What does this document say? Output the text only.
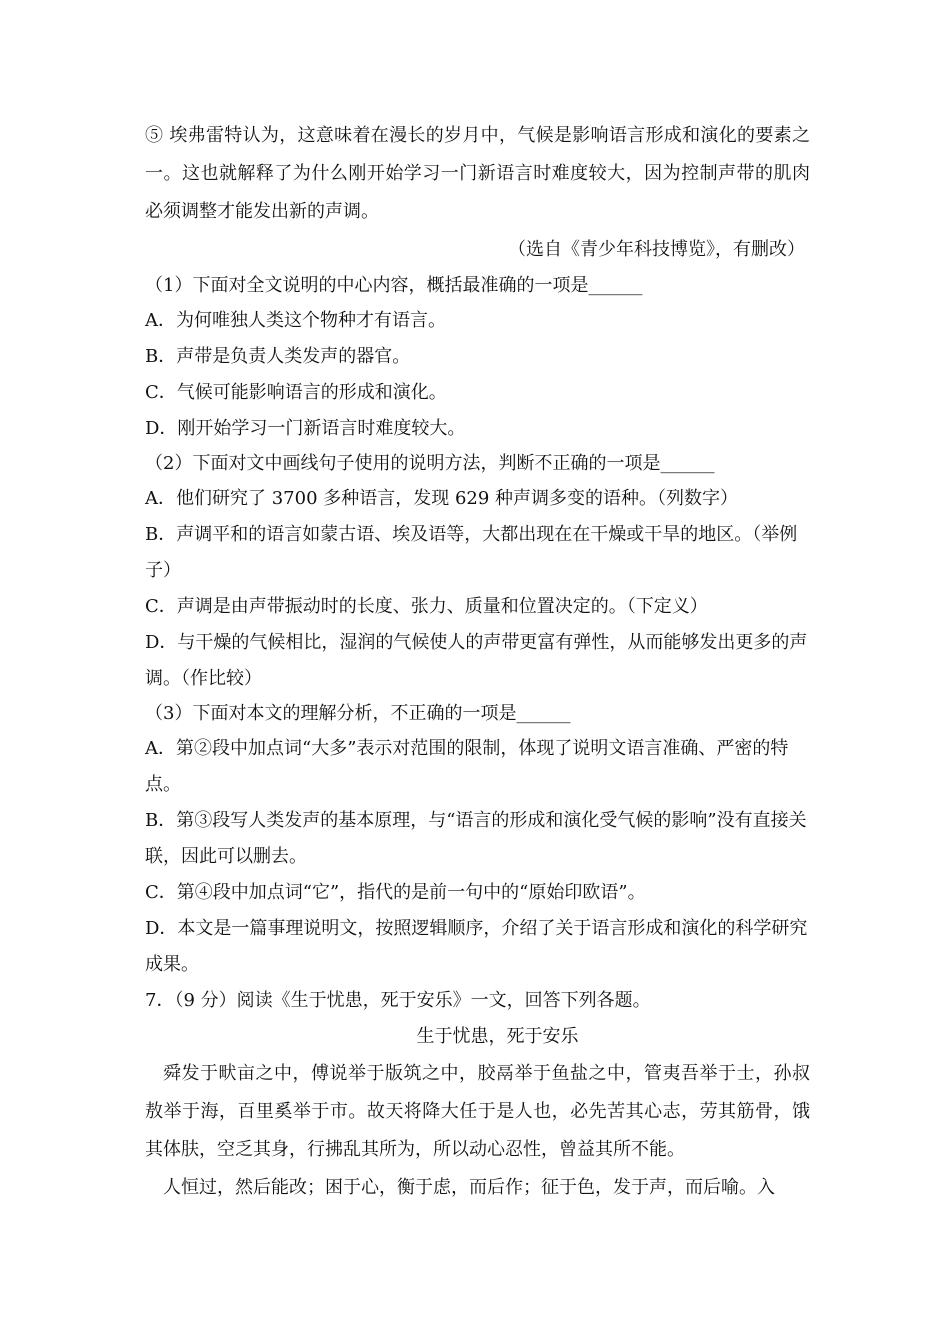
⑤ 埃弗雷特认为，这意味着在漫长的岁月中，气候是影响语言形成和演化的要素之一。这也就解释了为什么刚开始学习一门新语言时难度较大，因为控制声带的肌肉必须调整才能发出新的声调。

（选自《青少年科技博览》，有删改）

（1）下面对全文说明的中心内容，概括最准确的一项是______

A．为何唯独人类这个物种才有语言。

B．声带是负责人类发声的器官。

C．气候可能影响语言的形成和演化。

D．刚开始学习一门新语言时难度较大。

（2）下面对文中画线句子使用的说明方法，判断不正确的一项是______

A．他们研究了 3700 多种语言，发现 629 种声调多变的语种。（列数字）

B．声调平和的语言如蒙古语、埃及语等，大都出现在在干燥或干旱的地区。（举例子）

C．声调是由声带振动时的长度、张力、质量和位置决定的。（下定义）

D．与干燥的气候相比，湿润的气候使人的声带更富有弹性，从而能够发出更多的声调。（作比较）

（3）下面对本文的理解分析，不正确的一项是______

A．第②段中加点词“大多”表示对范围的限制，体现了说明文语言准确、严密的特点。

B．第③段写人类发声的基本原理，与“语言的形成和演化受气候的影响”没有直接关联，因此可以删去。

C．第④段中加点词“它”，指代的是前一句中的“原始印欧语”。

D．本文是一篇事理说明文，按照逻辑顺序，介绍了关于语言形成和演化的科学研究成果。

7．（9 分）阅读《生于忧患，死于安乐》一文，回答下列各题。

生于忧患，死于安乐

舜发于畎亩之中，傅说举于版筑之中，胶鬲举于鱼盐之中，管夷吾举于士，孙叔敖举于海，百里奚举于市。故天将降大任于是人也，必先苦其心志，劳其筋骨，饿其体肤，空乏其身，行拂乱其所为，所以动心忍性，曾益其所不能。

人恒过，然后能改；困于心，衡于虑，而后作；征于色，发于声，而后喻。入
